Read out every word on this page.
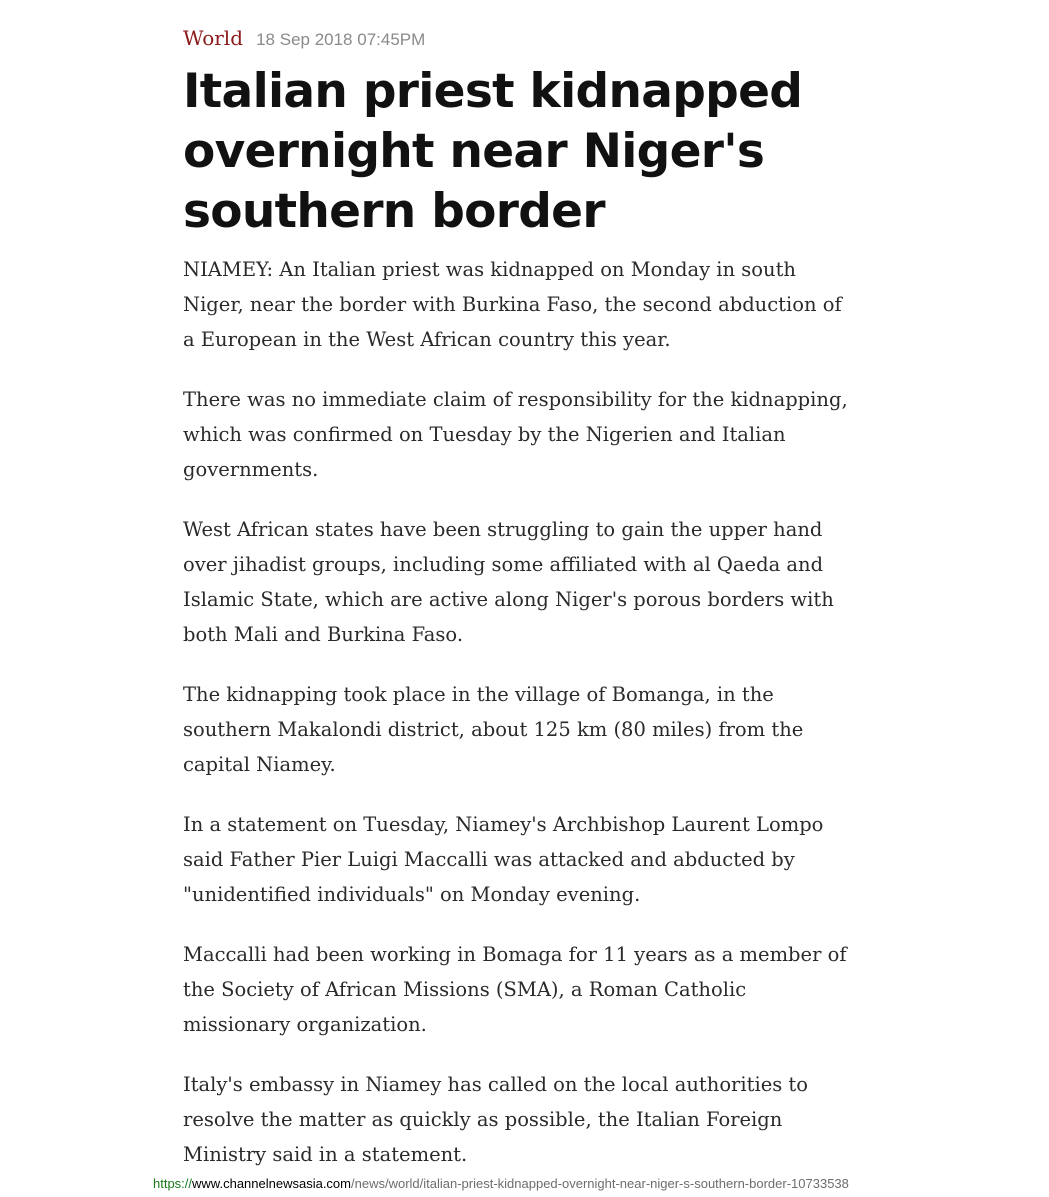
World 18 Sep 2018 07:45PM
Italian priest kidnapped overnight near Niger's southern border

NIAMEY: An Italian priest was kidnapped on Monday in south Niger, near the border with Burkina Faso, the second abduction of a European in the West African country this year.

There was no immediate claim of responsibility for the kidnapping, which was confirmed on Tuesday by the Nigerien and Italian governments.

West African states have been struggling to gain the upper hand over jihadist groups, including some affiliated with al Qaeda and Islamic State, which are active along Niger's porous borders with both Mali and Burkina Faso.

The kidnapping took place in the village of Bomanga, in the southern Makalondi district, about 125 km (80 miles) from the capital Niamey.

In a statement on Tuesday, Niamey's Archbishop Laurent Lompo said Father Pier Luigi Maccalli was attacked and abducted by "unidentified individuals" on Monday evening.

Maccalli had been working in Bomaga for 11 years as a member of the Society of African Missions (SMA), a Roman Catholic missionary organization.

Italy's embassy in Niamey has called on the local authorities to resolve the matter as quickly as possible, the Italian Foreign Ministry said in a statement.

https://www.channelnewsasia.com/news/world/italian-priest-kidnapped-overnight-near-niger-s-southern-border-10733538
